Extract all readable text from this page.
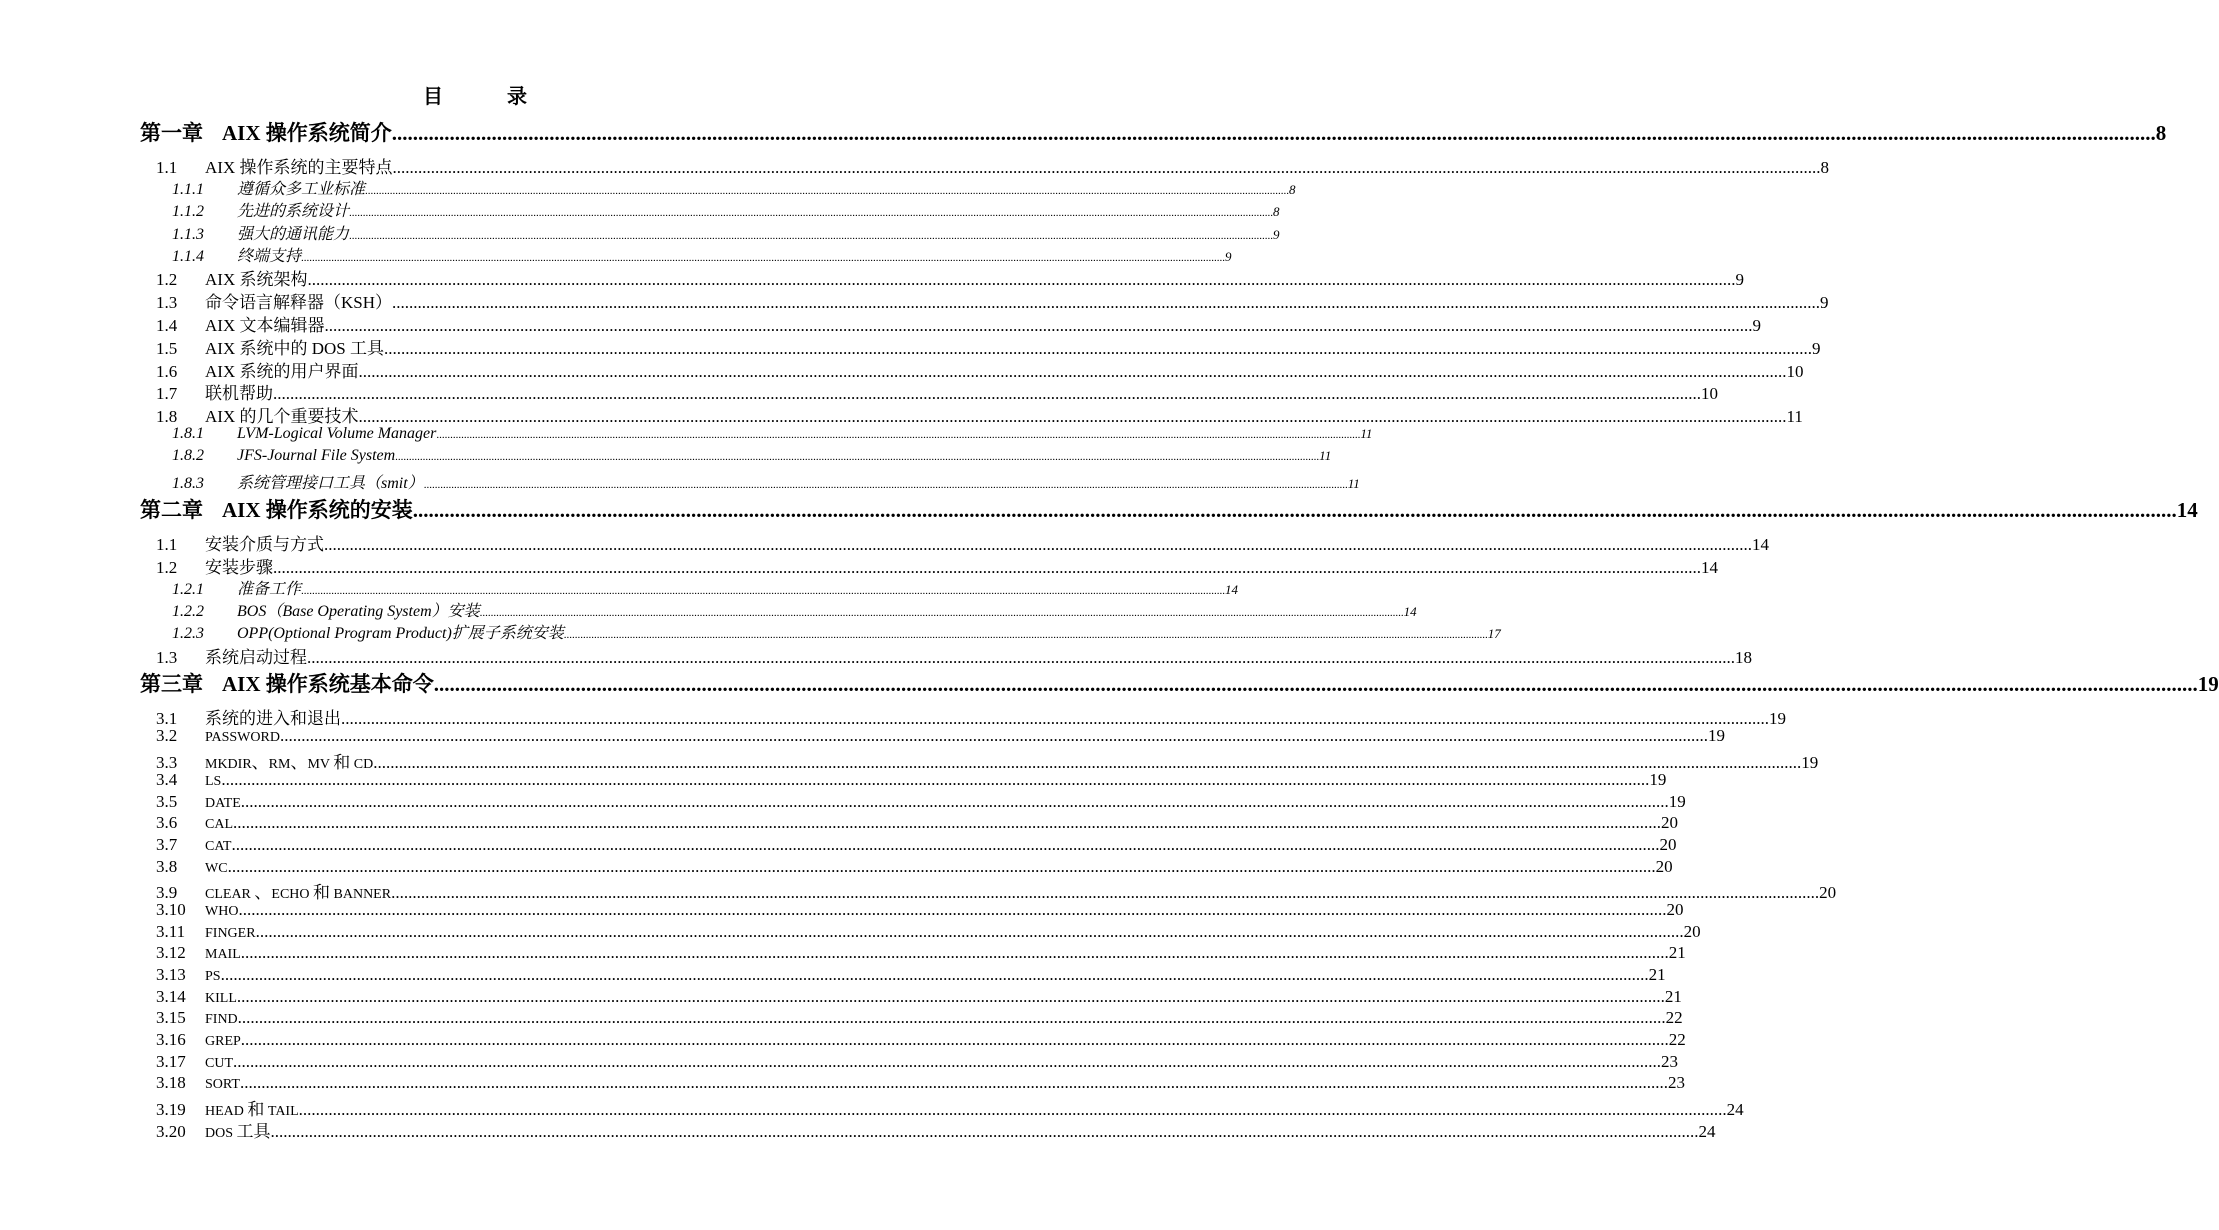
目　录
第一章 AIX 操作系统简介 .....	8
1.1	AIX 操作系统的主要特点 .....	8
1.1.1	遵循众多工业标准 .....	8
1.1.2	先进的系统设计 .....	8
1.1.3	强大的通讯能力 .....	9
1.1.4	终端支持 .....	9
1.2	AIX 系统架构 .....	9
1.3	命令语言解释器（KSH） .....	9
1.4	AIX 文本编辑器 .....	9
1.5	AIX 系统中的 DOS 工具 .....	9
1.6	AIX 系统的用户界面 .....	10
1.7	联机帮助 .....	10
1.8	AIX 的几个重要技术 .....	11
1.8.1	LVM-Logical Volume Manager .....	11
1.8.2	JFS-Journal File System .....	11
1.8.3	系统管理接口工具（smit） .....	11
第二章 AIX 操作系统的安装 .....	14
1.1	安装介质与方式 .....	14
1.2	安装步骤 .....	14
1.2.1	准备工作 .....	14
1.2.2	BOS（Base Operating System）安装 .....	14
1.2.3	OPP(Optional Program Product)扩展子系统安装 .....	17
1.3	系统启动过程 .....	18
第三章 AIX 操作系统基本命令 .....	19
3.1	系统的进入和退出 .....	19
3.2	PASSWORD .....	19
3.3	MKDIR、RM、MV 和 CD .....	19
3.4	LS .....	19
3.5	DATE .....	19
3.6	CAL .....	20
3.7	CAT .....	20
3.8	WC .....	20
3.9	CLEAR 、ECHO 和 BANNER .....	20
3.10	WHO .....	20
3.11	FINGER .....	20
3.12	MAIL .....	21
3.13	PS .....	21
3.14	KILL .....	21
3.15	FIND .....	22
3.16	GREP .....	22
3.17	CUT .....	23
3.18	SORT .....	23
3.19	HEAD 和 TAIL .....	24
3.20	DOS 工具 .....	24
